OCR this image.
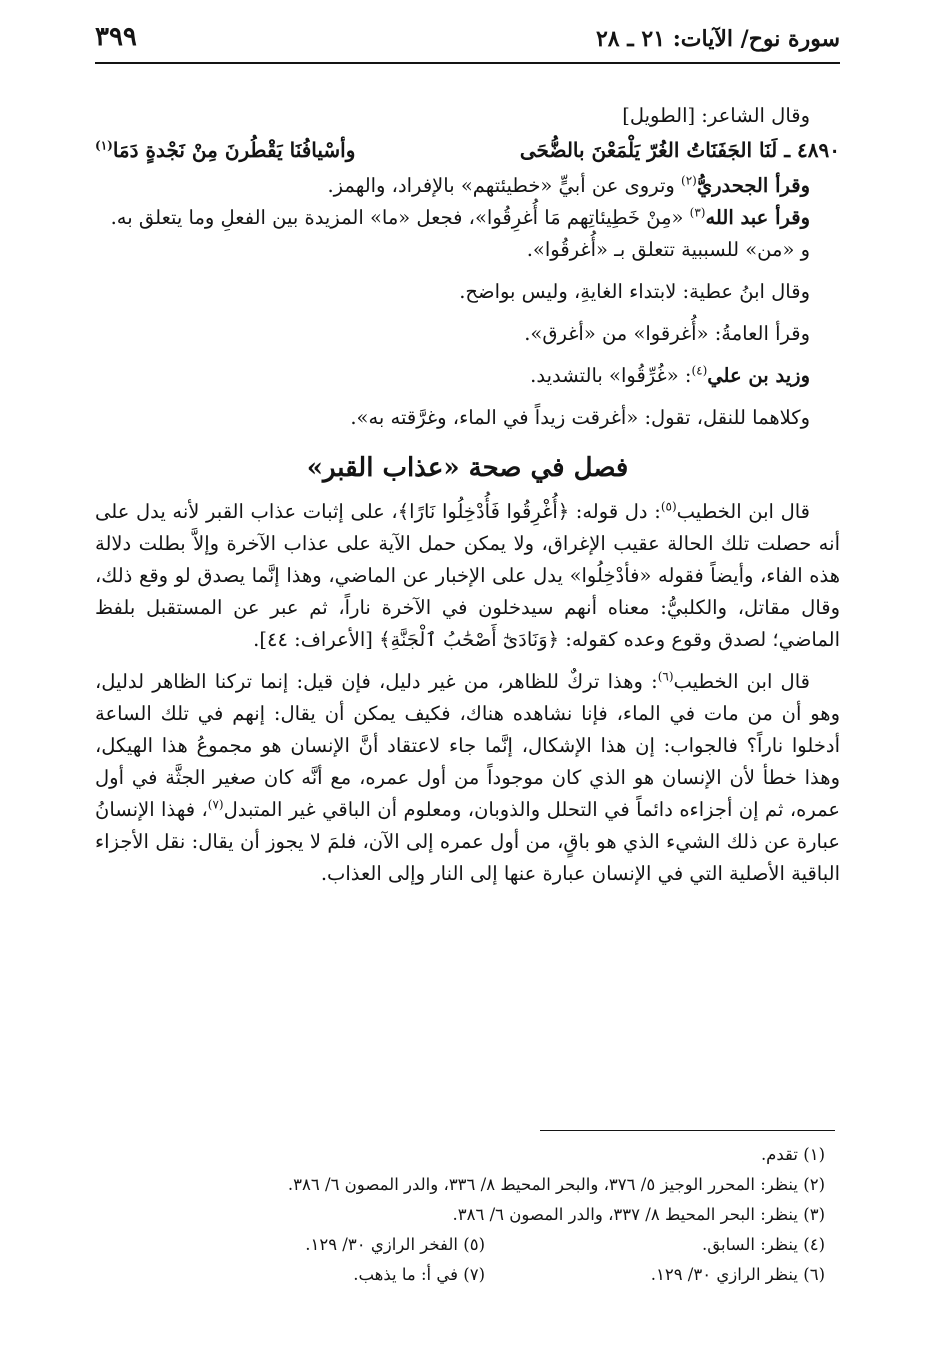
سورة نوح/ الآيات: ٢١ ـ ٢٨
٣٩٩

وقال الشاعر: [الطويل]

٤٨٩٠ ـ لَنَا الجَفَنَاتُ الغُرّ يَلْمَعْنَ بالضُّحَى
وأسْيافُنَا يَقْطُرنَ مِنْ نَجْدةٍ دَمَا$^{(١)}$

وقرأ الجحدريُّ$^{(٢)}$ وتروى عن أبيٍّ «خطيئتهم» بالإفراد، والهمز.

وقرأ عبد الله$^{(٣)}$ «مِنْ خَطِيئاتِهم مَا أُغرِقُوا»، فجعل «ما» المزيدة بين الفعلِ وما يتعلق به.

و «من» للسببية تتعلق بـ «أُغرقُوا».

وقال ابنُ عطية: لابتداء الغايةِ، وليس بواضح.

وقرأ العامةُ: «أُغرقوا» من «أغرق».

وزيد بن علي$^{(٤)}$: «غُرِّقُوا» بالتشديد.

وكلاهما للنقل، تقول: «أغرقت زيداً في الماء، وغرَّقته به».

فصل في صحة «عذاب القبر»

قال ابن الخطيب$^{(٥)}$: دل قوله: ﴿أُغْرِقُوا فَأُدْخِلُوا نَارًا﴾، على إثبات عذاب القبر لأنه يدل على أنه حصلت تلك الحالة عقيب الإغراق، ولا يمكن حمل الآية على عذاب الآخرة وإلاَّ بطلت دلالة هذه الفاء، وأيضاً فقوله «فأدْخِلُوا» يدل على الإخبار عن الماضي، وهذا إنَّما يصدق لو وقع ذلك، وقال مقاتل، والكلبيُّ: معناه أنهم سيدخلون في الآخرة ناراً، ثم عبر عن المستقبل بلفظ الماضي؛ لصدق وقوع وعده كقوله: ﴿وَنَادَىٰٓ أَصْحَٰبُ ٱلْجَنَّةِ﴾ [الأعراف: ٤٤].

قال ابن الخطيب$^{(٦)}$: وهذا تركٌ للظاهر، من غير دليل، فإن قيل: إنما تركنا الظاهر لدليل، وهو أن من مات في الماء، فإنا نشاهده هناك، فكيف يمكن أن يقال: إنهم في تلك الساعة أدخلوا ناراً؟ فالجواب: إن هذا الإشكال، إنَّما جاء لاعتقاد أنَّ الإنسان هو مجموعُ هذا الهيكل، وهذا خطأ لأن الإنسان هو الذي كان موجوداً من أول عمره، مع أنَّه كان صغير الجثَّة في أول عمره، ثم إن أجزاءه دائماً في التحلل والذوبان، ومعلوم أن الباقي غير المتبدل$^{(٧)}$، فهذا الإنسانُ عبارة عن ذلك الشيء الذي هو باقٍ، من أول عمره إلى الآن، فلمَ لا يجوز أن يقال: نقل الأجزاء الباقية الأصلية التي في الإنسان عبارة عنها إلى النار وإلى العذاب.

(١) تقدم.
(٢) ينظر: المحرر الوجيز ٥/ ٣٧٦، والبحر المحيط ٨/ ٣٣٦، والدر المصون ٦/ ٣٨٦.
(٣) ينظر: البحر المحيط ٨/ ٣٣٧، والدر المصون ٦/ ٣٨٦.
(٤) ينظر: السابق.
(٥) الفخر الرازي ٣٠/ ١٢٩.
(٦) ينظر الرازي ٣٠/ ١٢٩.
(٧) في أ: ما يذهب.
